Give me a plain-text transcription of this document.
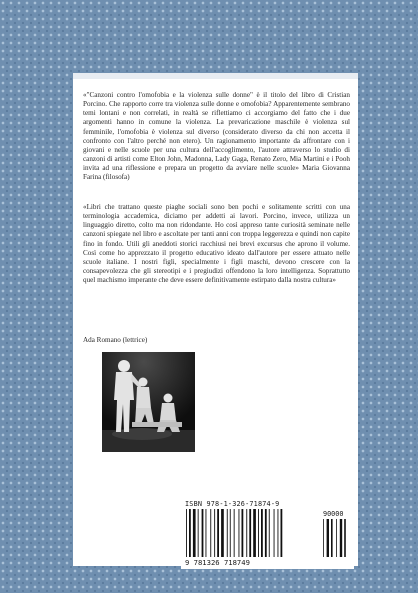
«"Canzoni contro l'omofobia e la violenza sulle donne" è il titolo del libro di Cristian Porcino. Che rapporto corre tra violenza sulle donne e omofobia? Apparentemente sembrano temi lontani e non correlati, in realtà se riflettiamo ci accorgiamo del fatto che i due argomenti hanno in comune la violenza. La prevaricazione maschile è violenza sul femminile, l'omofobia è violenza sul diverso (considerato diverso da chi non accetta il confronto con l'altro perché non etero). Un ragionamento importante da affrontare con i giovani e nelle scuole per una cultura dell'accoglimento, l'autore attraverso lo studio di canzoni di artisti come Elton John, Madonna, Lady Gaga, Renato Zero, Mia Martini e i Pooh invita ad una riflessione e prepara un progetto da avviare nelle scuole» Maria Giovanna Farina (filosofa)

«Libri che trattano queste piaghe sociali sono ben pochi e solitamente scritti con una terminologia accademica, diciamo per addetti ai lavori. Porcino, invece, utilizza un linguaggio diretto, colto ma non ridondante. Ho così appreso tante curiosità seminate nelle canzoni spiegate nel libro e ascoltate per tanti anni con troppa leggerezza e quindi non capite fino in fondo. Utili gli aneddoti storici racchiusi nei brevi excursus che aprono il volume. Così come ho apprezzato il progetto educativo ideato dall'autore per essere attuato nelle scuole italiane. I nostri figli, specialmente i figli maschi, devono crescere con la consapevolezza che gli stereotipi e i pregiudizi offendono la loro intelligenza. Soprattutto quel machismo imperante che deve essere definitivamente estirpato dalla nostra cultura»

Ada Romano (lettrice)

ISBN 978-1-326-71874-9
90000
9 781326 718749
ID: 18997320
www.lulu.com
